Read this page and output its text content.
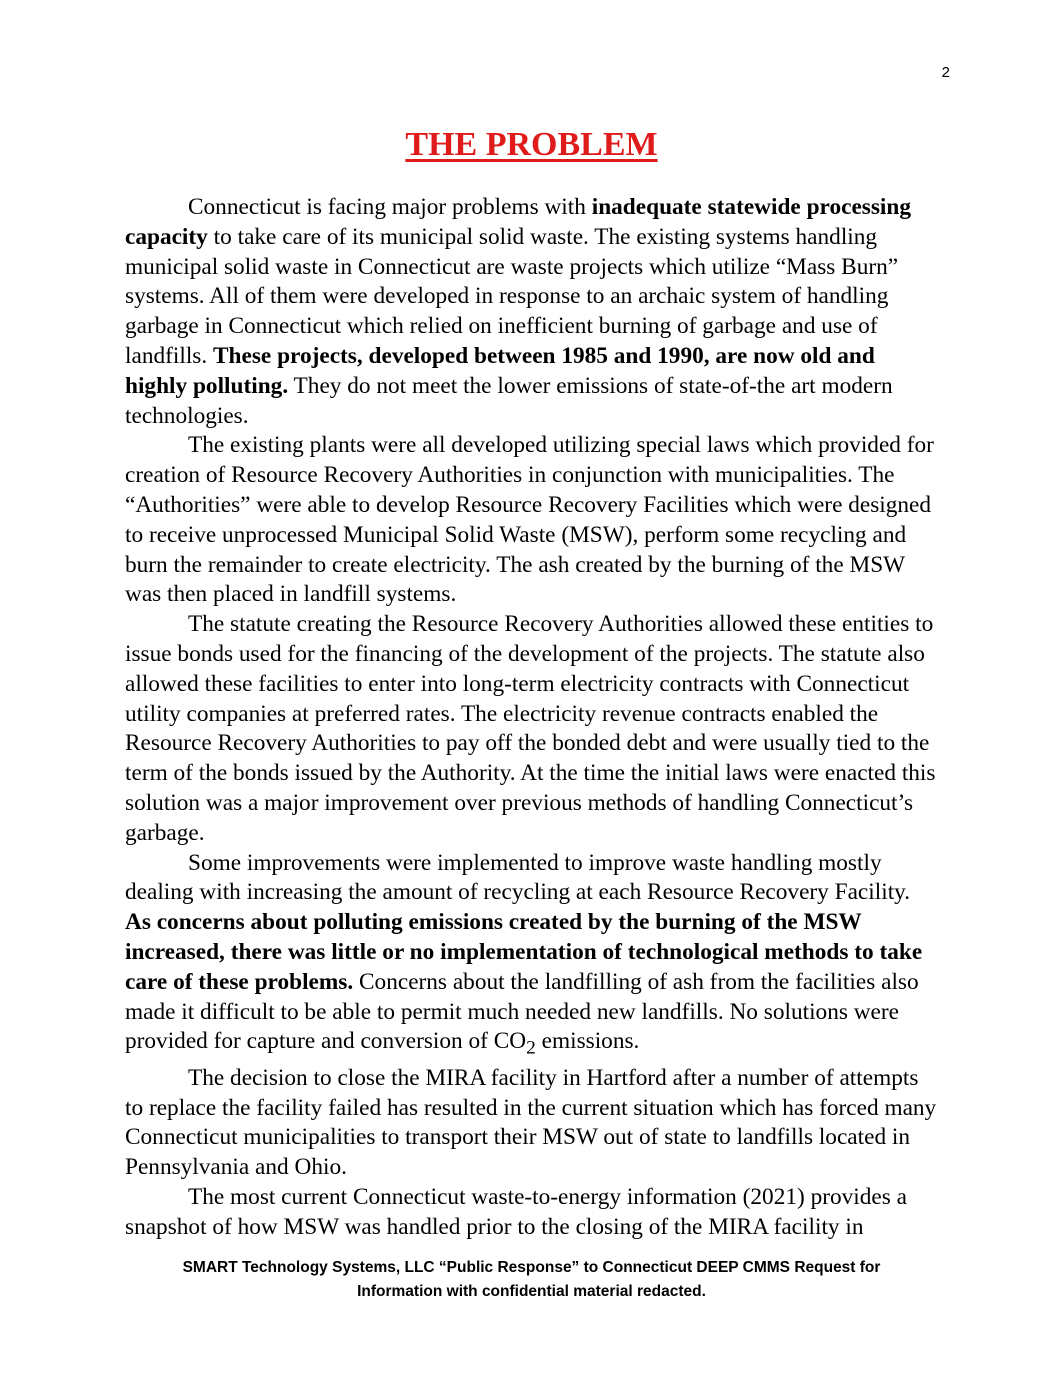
2
THE PROBLEM

Connecticut is facing major problems with inadequate statewide processing capacity to take care of its municipal solid waste. The existing systems handling municipal solid waste in Connecticut are waste projects which utilize “Mass Burn” systems. All of them were developed in response to an archaic system of handling garbage in Connecticut which relied on inefficient burning of garbage and use of landfills. These projects, developed between 1985 and 1990, are now old and highly polluting. They do not meet the lower emissions of state-of-the art modern technologies.

The existing plants were all developed utilizing special laws which provided for creation of Resource Recovery Authorities in conjunction with municipalities. The “Authorities” were able to develop Resource Recovery Facilities which were designed to receive unprocessed Municipal Solid Waste (MSW), perform some recycling and burn the remainder to create electricity. The ash created by the burning of the MSW was then placed in landfill systems.

The statute creating the Resource Recovery Authorities allowed these entities to issue bonds used for the financing of the development of the projects. The statute also allowed these facilities to enter into long-term electricity contracts with Connecticut utility companies at preferred rates. The electricity revenue contracts enabled the Resource Recovery Authorities to pay off the bonded debt and were usually tied to the term of the bonds issued by the Authority. At the time the initial laws were enacted this solution was a major improvement over previous methods of handling Connecticut’s garbage.

Some improvements were implemented to improve waste handling mostly dealing with increasing the amount of recycling at each Resource Recovery Facility. As concerns about polluting emissions created by the burning of the MSW increased, there was little or no implementation of technological methods to take care of these problems. Concerns about the landfilling of ash from the facilities also made it difficult to be able to permit much needed new landfills. No solutions were provided for capture and conversion of $CO_2$ emissions.

The decision to close the MIRA facility in Hartford after a number of attempts to replace the facility failed has resulted in the current situation which has forced many Connecticut municipalities to transport their MSW out of state to landfills located in Pennsylvania and Ohio.

The most current Connecticut waste-to-energy information (2021) provides a snapshot of how MSW was handled prior to the closing of the MIRA facility in

SMART Technology Systems, LLC “Public Response” to Connecticut DEEP CMMS Request for
Information with confidential material redacted.
